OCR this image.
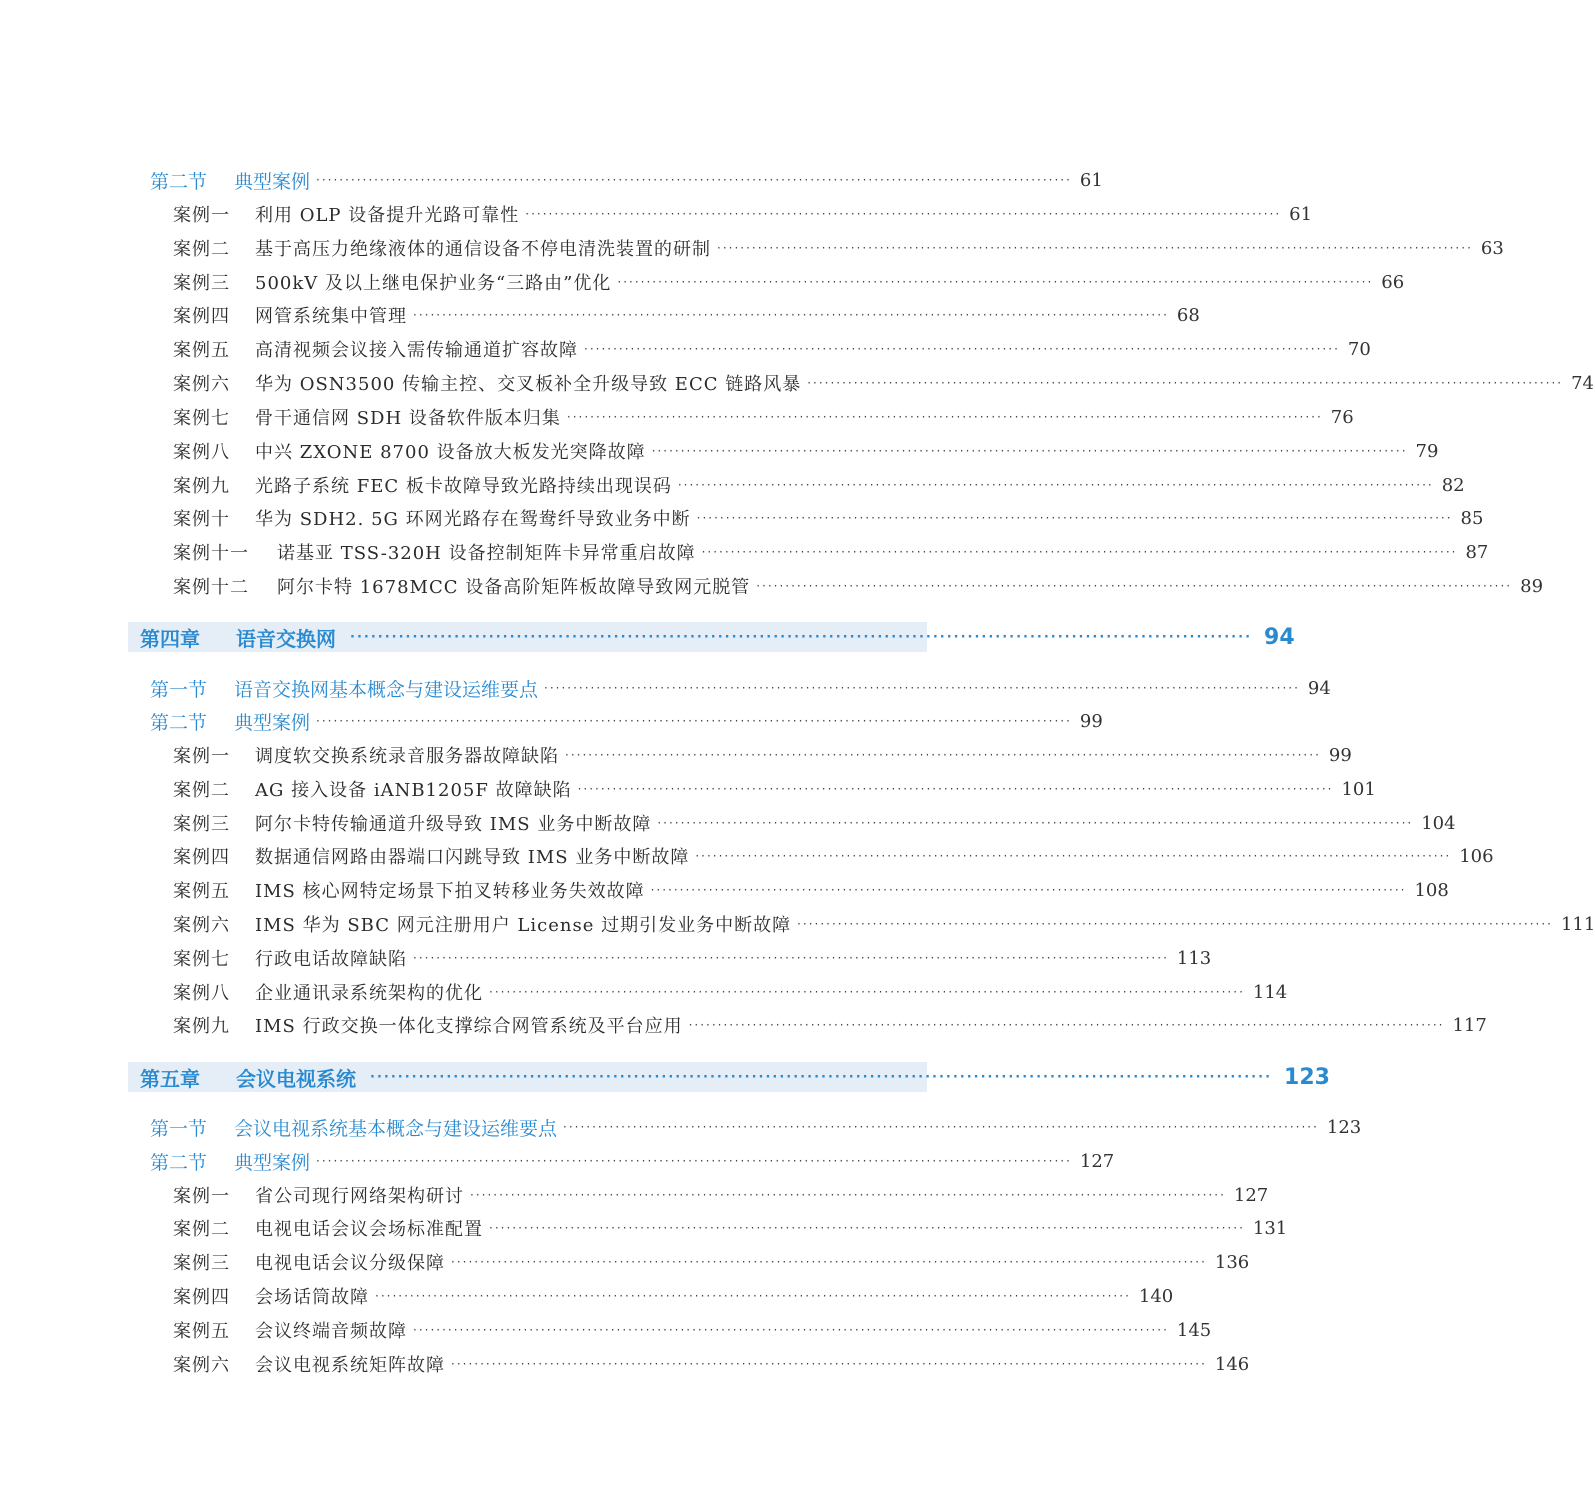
第二节	典型案例 ·································································································································· 61
案例一	利用 OLP 设备提升光路可靠性 ·································································································································· 61
案例二	基于高压力绝缘液体的通信设备不停电清洗装置的研制 ·································································································································· 63
案例三	500kV 及以上继电保护业务“三路由”优化 ·································································································································· 66
案例四	网管系统集中管理 ·································································································································· 68
案例五	高清视频会议接入需传输通道扩容故障 ·································································································································· 70
案例六	华为 OSN3500 传输主控、交叉板补全升级导致 ECC 链路风暴 ·································································································································· 74
案例七	骨干通信网 SDH 设备软件版本归集 ·································································································································· 76
案例八	中兴 ZXONE 8700 设备放大板发光突降故障 ·································································································································· 79
案例九	光路子系统 FEC 板卡故障导致光路持续出现误码 ·································································································································· 82
案例十	华为 SDH2. 5G 环网光路存在鸳鸯纤导致业务中断 ·································································································································· 85
案例十一	诺基亚 TSS-320H 设备控制矩阵卡异常重启故障 ·································································································································· 87
案例十二	阿尔卡特 1678MCC 设备高阶矩阵板故障导致网元脱管 ·································································································································· 89
第四章	语音交换网 ·································································································································· 94
第一节	语音交换网基本概念与建设运维要点 ·································································································································· 94
第二节	典型案例 ·································································································································· 99
案例一	调度软交换系统录音服务器故障缺陷 ·································································································································· 99
案例二	AG 接入设备 iANB1205F 故障缺陷 ·································································································································· 101
案例三	阿尔卡特传输通道升级导致 IMS 业务中断故障 ·································································································································· 104
案例四	数据通信网路由器端口闪跳导致 IMS 业务中断故障 ·································································································································· 106
案例五	IMS 核心网特定场景下拍叉转移业务失效故障 ·································································································································· 108
案例六	IMS 华为 SBC 网元注册用户 License 过期引发业务中断故障 ·································································································································· 111
案例七	行政电话故障缺陷 ·································································································································· 113
案例八	企业通讯录系统架构的优化 ·································································································································· 114
案例九	IMS 行政交换一体化支撑综合网管系统及平台应用 ·································································································································· 117
第五章	会议电视系统 ·································································································································· 123
第一节	会议电视系统基本概念与建设运维要点 ·································································································································· 123
第二节	典型案例 ·································································································································· 127
案例一	省公司现行网络架构研讨 ·································································································································· 127
案例二	电视电话会议会场标准配置 ·································································································································· 131
案例三	电视电话会议分级保障 ·································································································································· 136
案例四	会场话筒故障 ·································································································································· 140
案例五	会议终端音频故障 ·································································································································· 145
案例六	会议电视系统矩阵故障 ·································································································································· 146
